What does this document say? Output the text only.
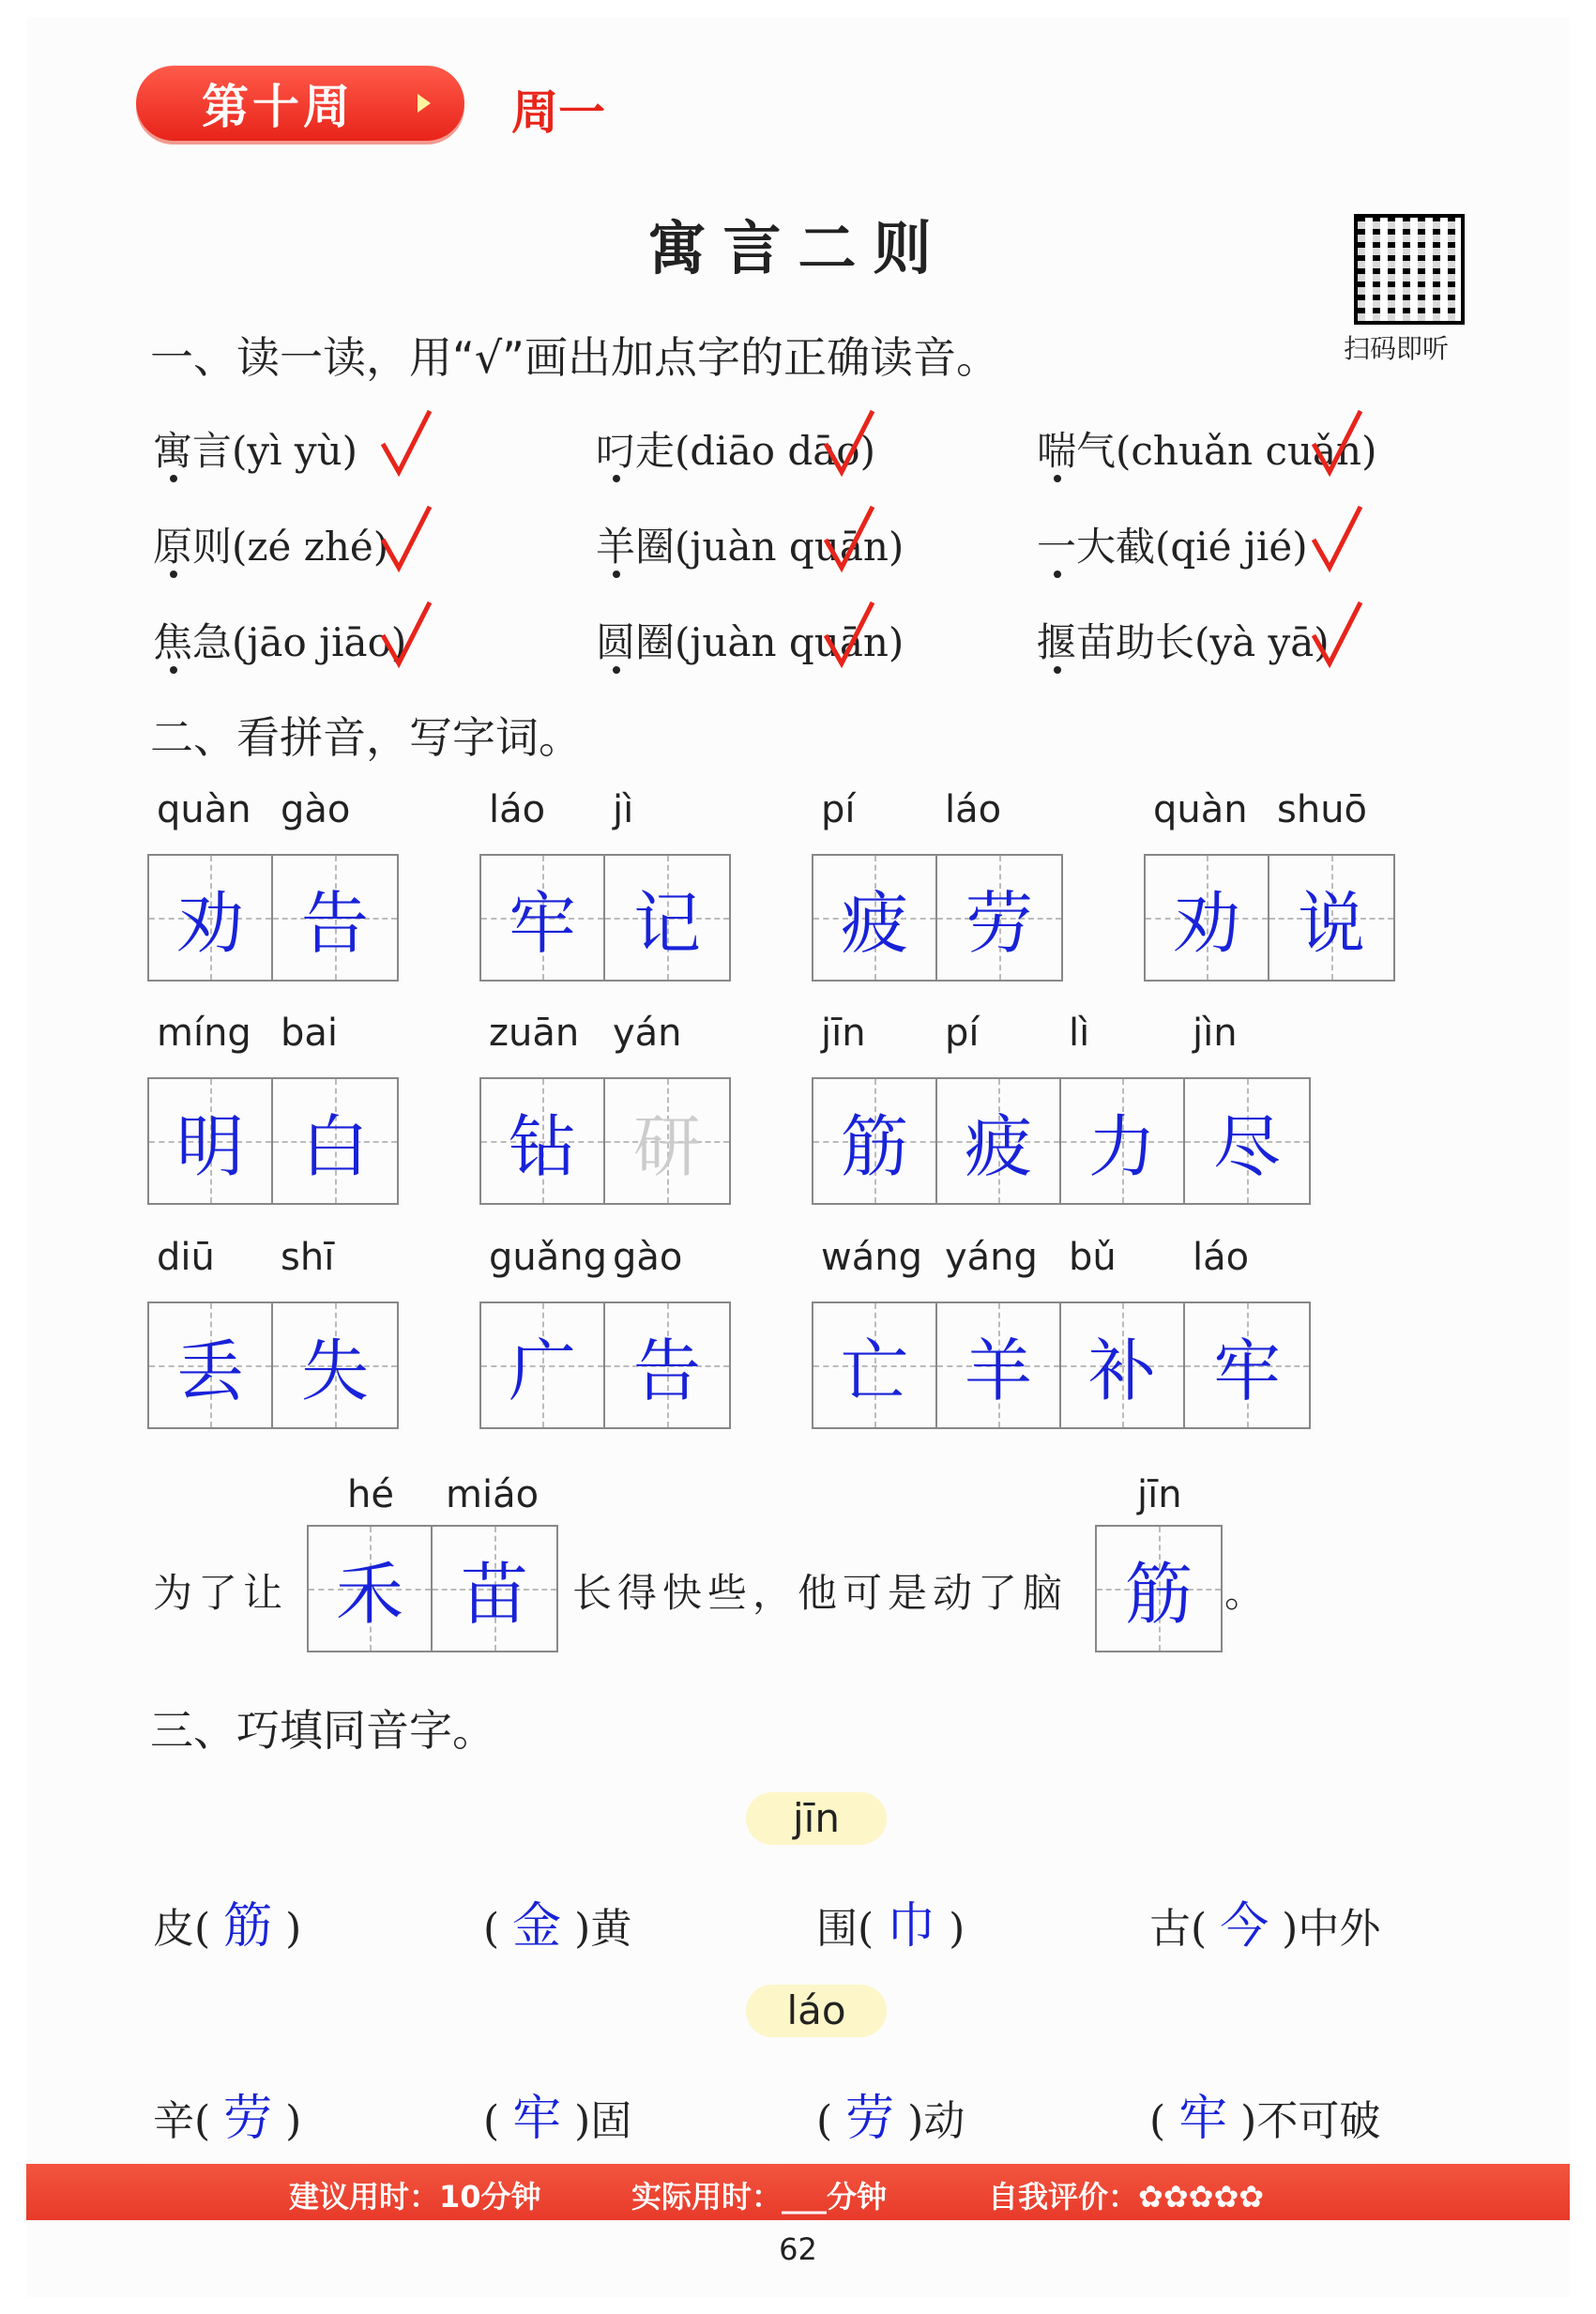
第十周	周一
寓言二则
扫码即听
一、读一读，用“√”画出加点字的正确读音。
寓言(yì yù)	叼走(diāo dāo)	喘气(chuǎn cuǎn)
原则(zé zhé)	羊圈(juàn quān)	一大截(qié jié)
焦急(jāo jiāo)	圆圈(juàn quān)	揠苗助长(yà yā)
二、看拼音，写字词。
quàn gào
劝 告
láo jì
牢 记
pí láo
疲 劳
quàn shuō
劝 说
míng bai
明 白
zuān yán
钻 研
jīn pí lì	jìn
筋 疲 力 尽
diū shī
丢 失
guǎng gào
广 告
wáng yáng bǔ láo
亡 羊 补 牢
为了让
hé miáo
禾 苗 长得快些，他可是动了脑
jīn
筋 。
三、巧填同音字。
jīn
láo
皮( 筋 )	( 金 )黄	围( 巾 )	古( 今 )中外
辛( 劳 )	( 牢 )固	( 劳 )动	( 牢 )不可破
建议用时：10分钟	实际用时：___分钟	自我评价：✿✿✿✿✿
62
